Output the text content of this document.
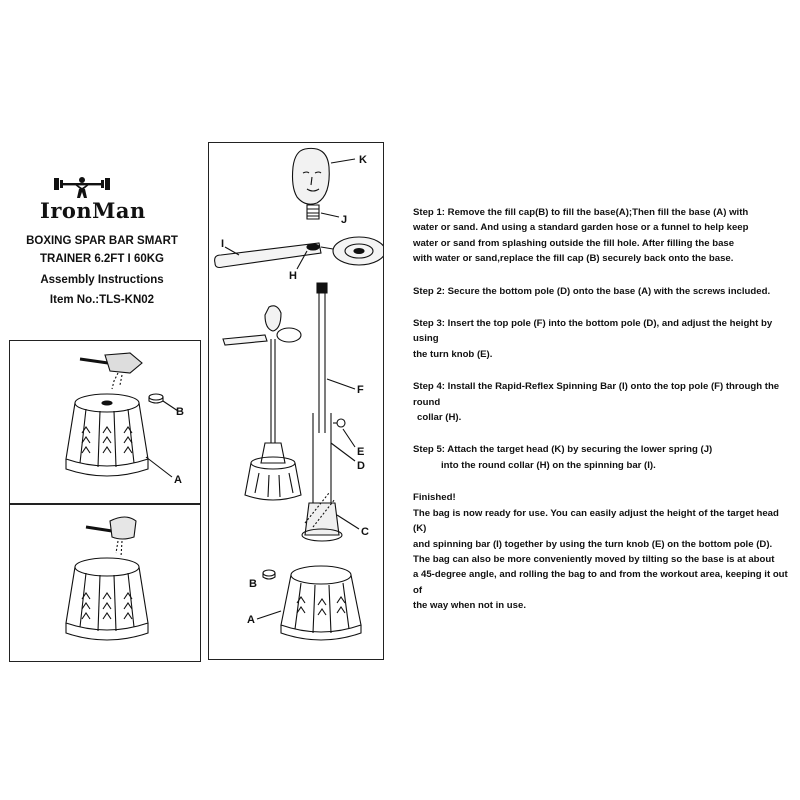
IronMan
BOXING SPAR BAR SMART
TRAINER 6.2FT I 60KG
Assembly Instructions
Item No.:TLS-KN02
B
A
K
J
I
H
F
E
D
C
B
A
Step 1: Remove the fill cap(B) to fill the base(A);Then fill the base (A) with
water or sand. And using a standard garden hose or a funnel to help keep
water or sand from splashing outside the fill hole. After filling the base
with water or sand,replace the fill cap (B) securely back onto the base.
Step 2: Secure the bottom pole (D) onto the base (A) with the screws included.
Step 3: Insert the top pole (F) into the bottom pole (D), and adjust the height by using
the turn knob (E).
Step 4: Install the Rapid-Reflex Spinning Bar (I) onto the top pole (F) through the round
collar (H).
Step 5: Attach the target head (K) by securing the lower spring (J)
into the round collar (H) on the spinning bar (I).

Finished!

The bag is now ready for use. You can easily adjust the height of the target head (K)
and spinning bar (I) together by using the turn knob (E) on the bottom pole (D).
The bag can also be more conveniently moved by tilting so the base is at about
a 45-degree angle, and rolling the bag to and from the workout area, keeping it out of
the way when not in use.
